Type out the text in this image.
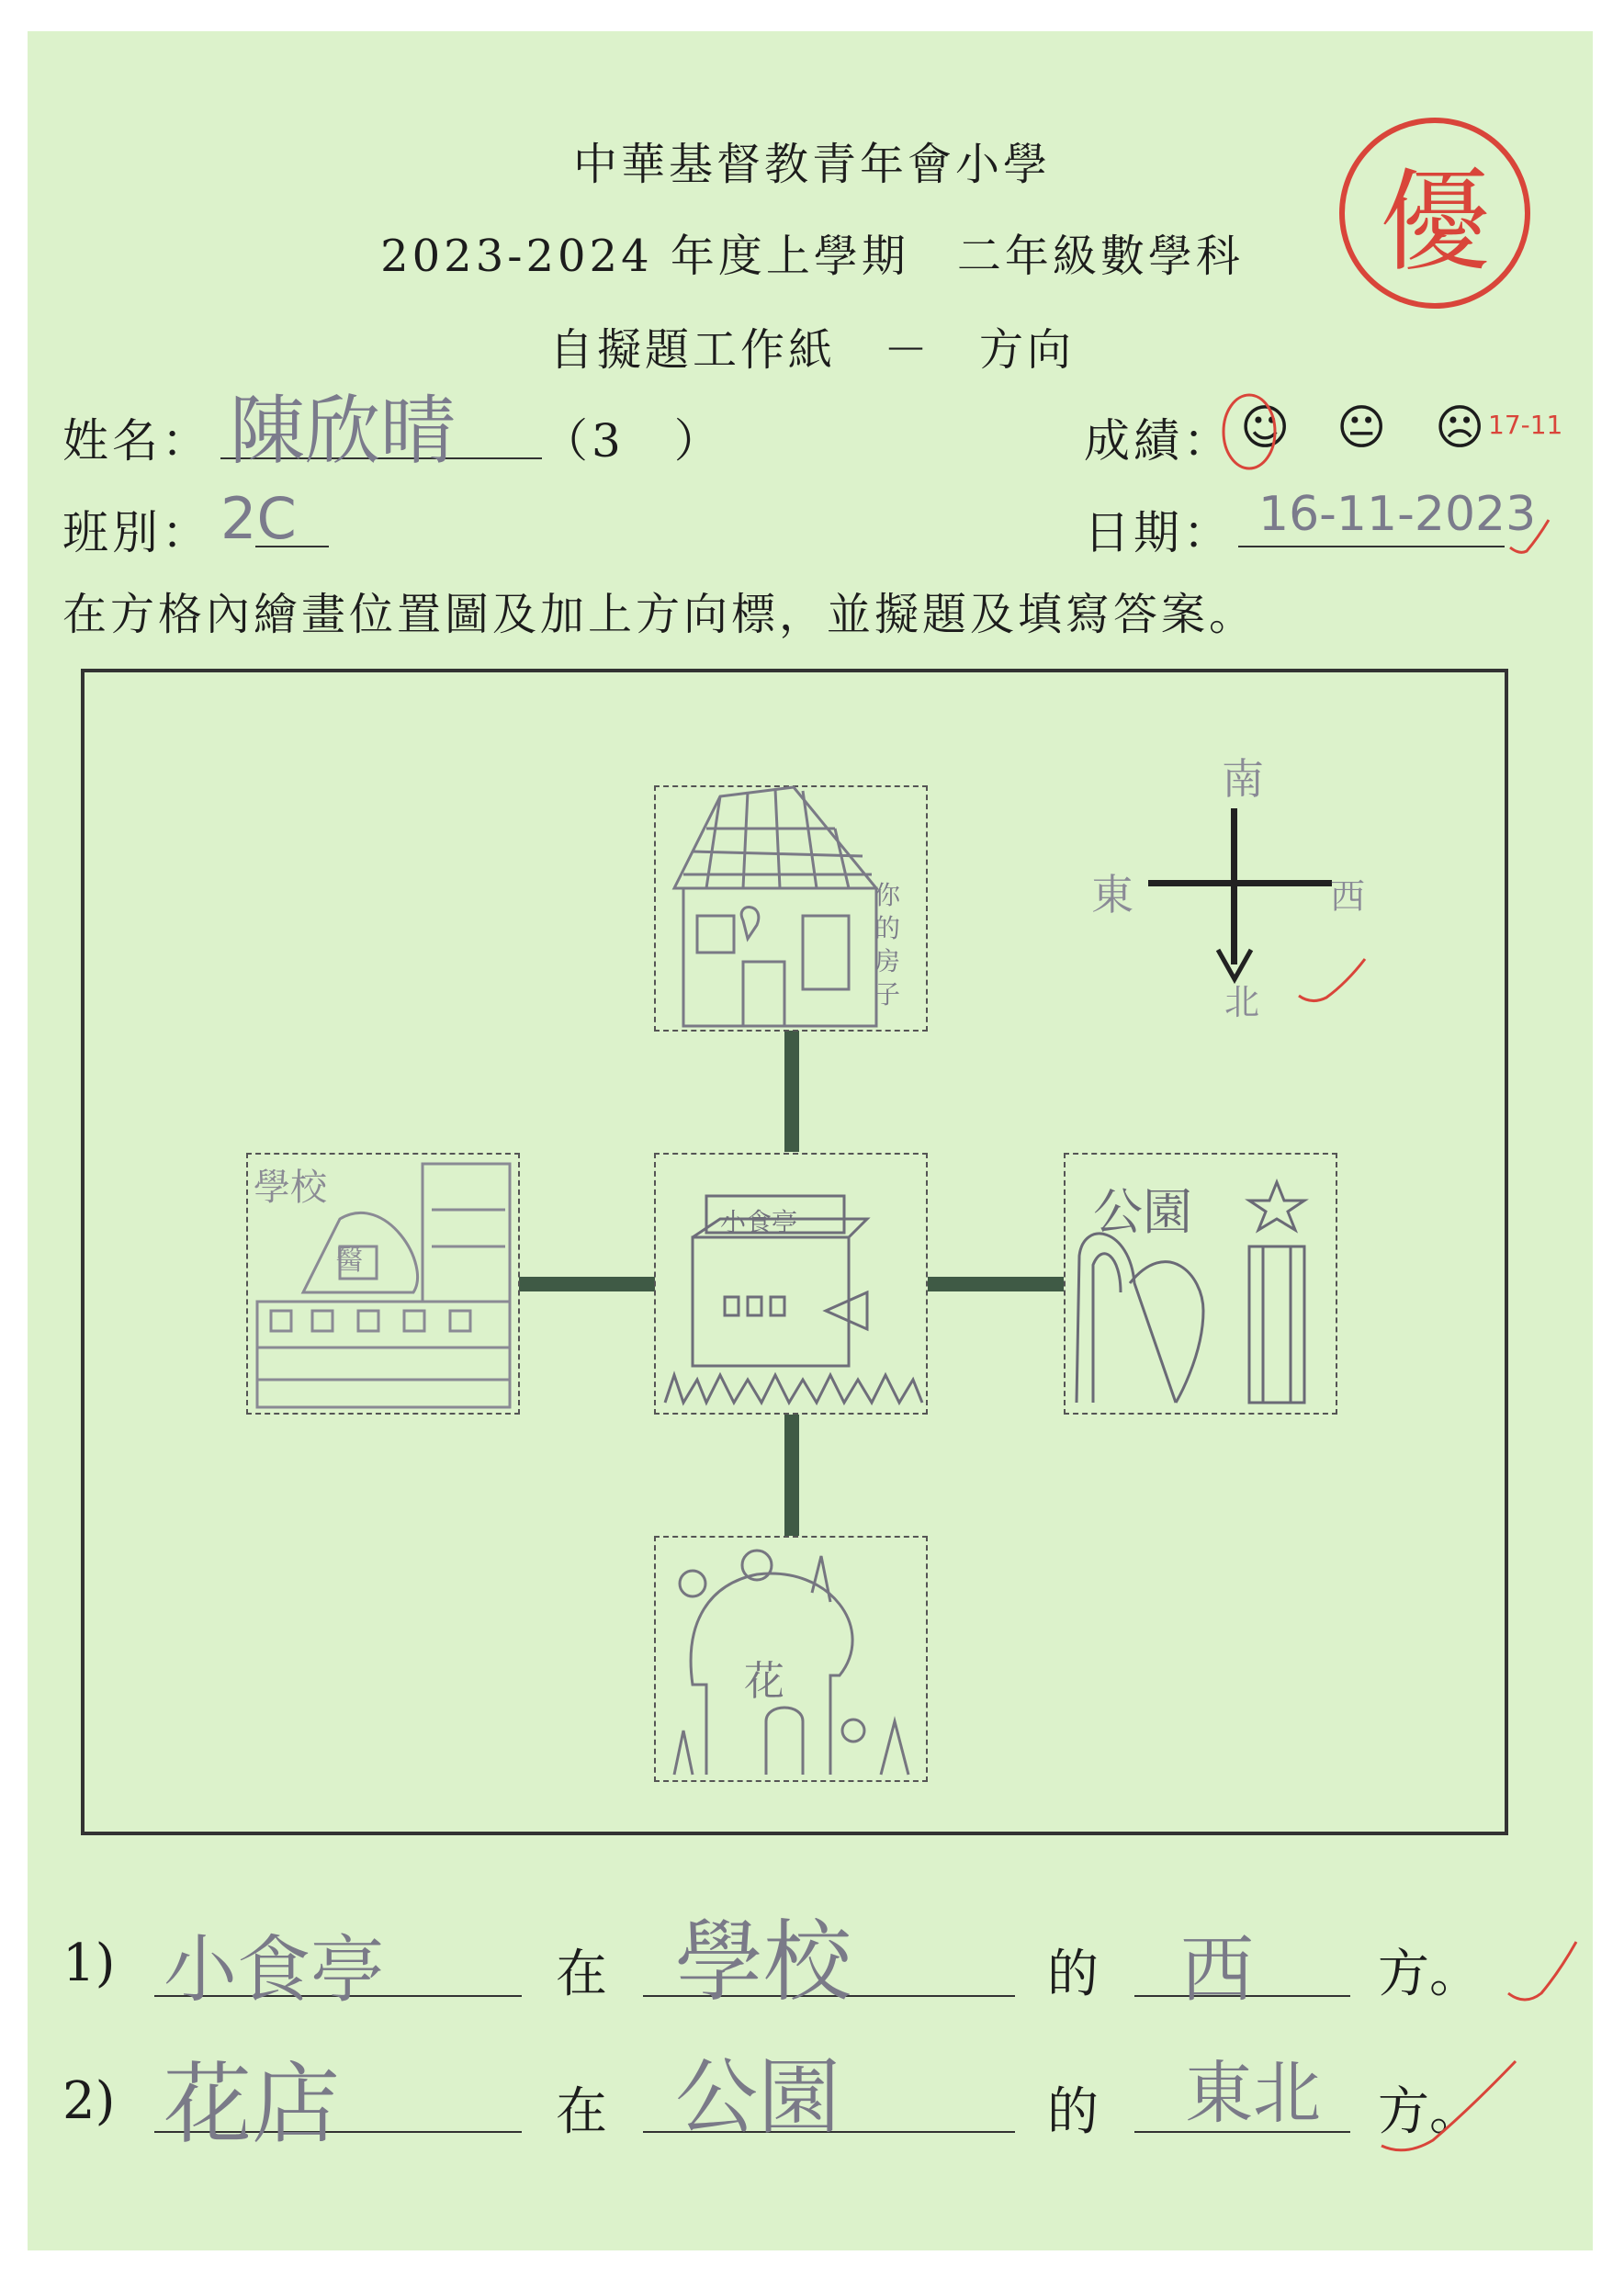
中華基督教青年會小學
2023-2024 年度上學期　二年級數學科
自擬題工作紙　－　方向
優
姓名： 陳欣晴 （3　）	成績： ☺ 😐 ☹ 17-11
班別： 2C	日期： 16-11-2023
在方格內繪畫位置圖及加上方向標，並擬題及填寫答案。
你的房子
小食亭
學校
醫
公園
花
南
東	西
北
1) 小食亭	在 學校	的 西 方。
2) 花店	在 公園	的 東北 方。
